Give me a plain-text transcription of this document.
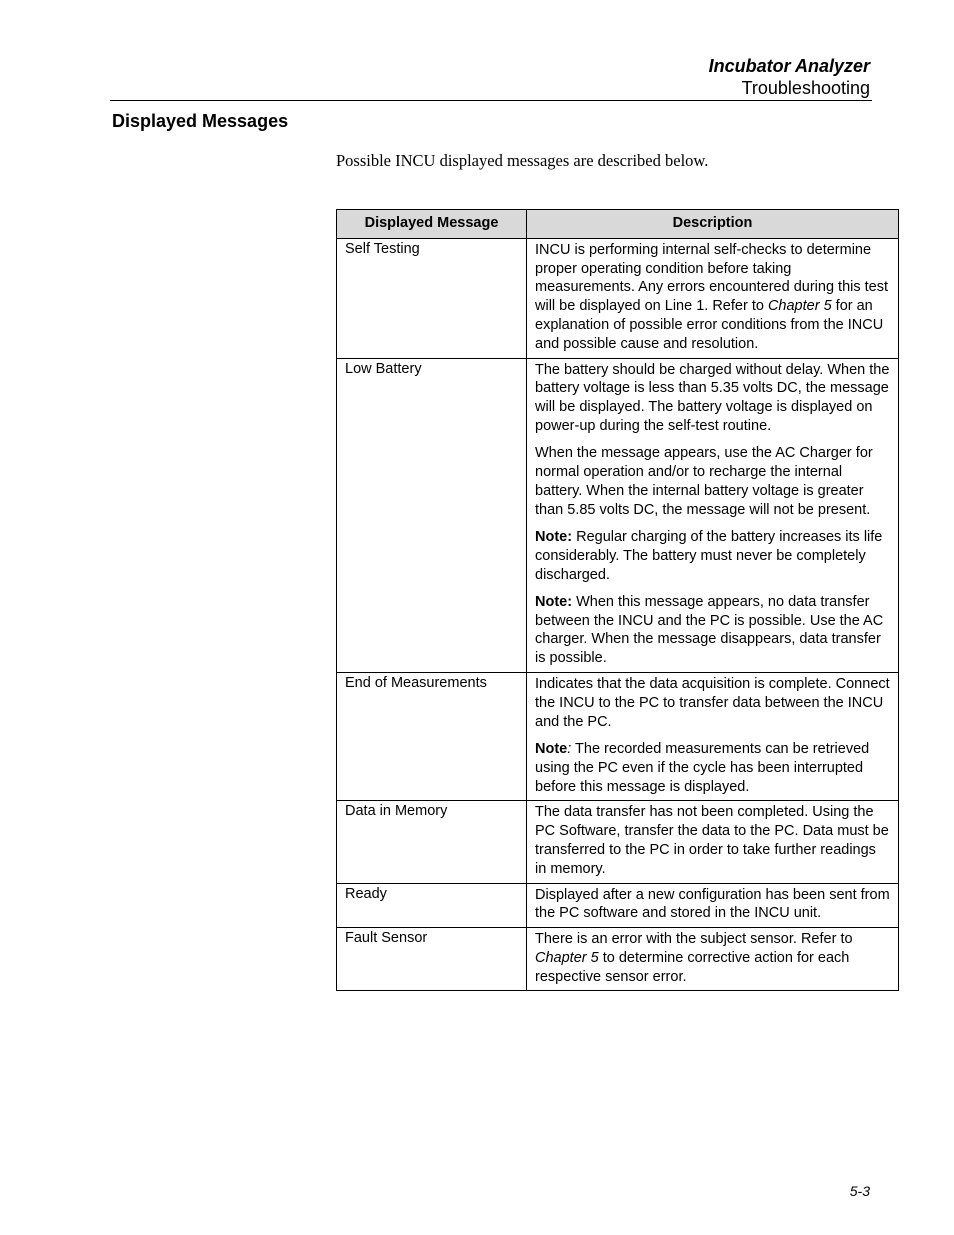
Incubator Analyzer
Troubleshooting
Displayed Messages
Possible INCU displayed messages are described below.
Displayed Message	Description
Self Testing	INCU is performing internal self-checks to determine proper operating condition before taking measurements. Any errors encountered during this test will be displayed on Line 1. Refer to Chapter 5 for an explanation of possible error conditions from the INCU and possible cause and resolution.

Low Battery	The battery should be charged without delay. When the battery voltage is less than 5.35 volts DC, the message will be displayed. The battery voltage is displayed on power-up during the self-test routine.

When the message appears, use the AC Charger for normal operation and/or to recharge the internal battery. When the internal battery voltage is greater than 5.85 volts DC, the message will not be present.

Note: Regular charging of the battery increases its life considerably. The battery must never be completely discharged.

Note: When this message appears, no data transfer between the INCU and the PC is possible. Use the AC charger. When the message disappears, data transfer is possible.

End of Measurements	Indicates that the data acquisition is complete. Connect the INCU to the PC to transfer data between the INCU and the PC.

Note: The recorded measurements can be retrieved using the PC even if the cycle has been interrupted before this message is displayed.

Data in Memory	The data transfer has not been completed. Using the PC Software, transfer the data to the PC. Data must be transferred to the PC in order to take further readings in memory.

Ready	Displayed after a new configuration has been sent from the PC software and stored in the INCU unit.

Fault Sensor	There is an error with the subject sensor. Refer to Chapter 5 to determine corrective action for each respective sensor error.

5-3
